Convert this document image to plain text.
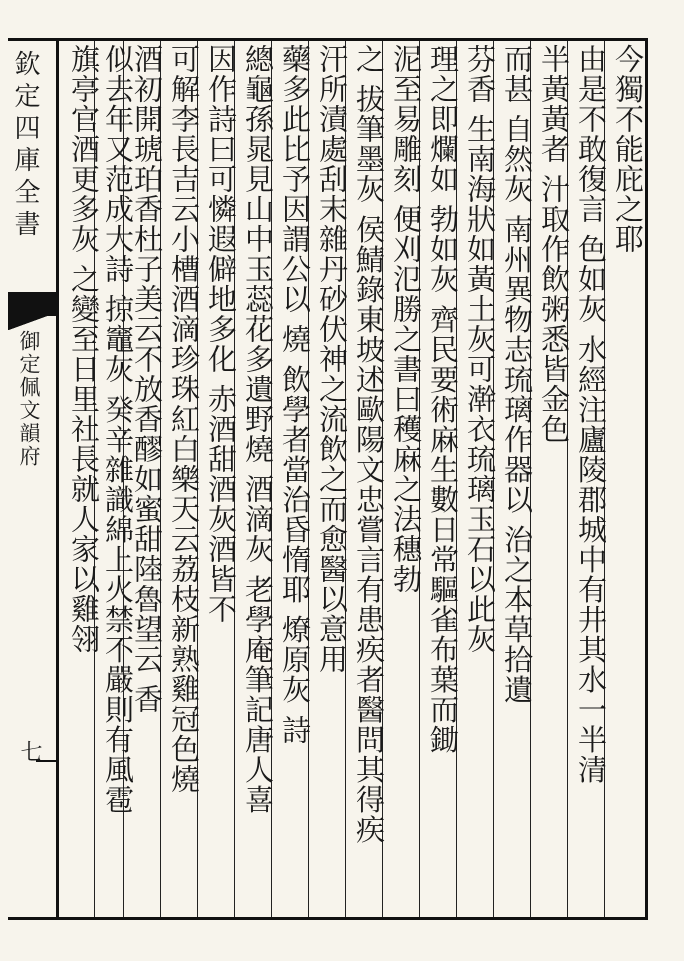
欽定四庫全書
御定佩文韻府
七
今獨不能庇之耶
由是不敢復言 色如灰 水經注廬陵郡城中有井其水一半清
半黃黃者 汁取作飲粥悉皆金色
而甚 自然灰 南州異物志琉璃作器以 治之本草拾遺
芬香 生南海狀如黃土灰可澣衣琉璃玉石以此灰
理之即爛如 勃如灰 齊民要術麻生數日常驅雀布葉而鋤
泥至易雕刻 便刈氾勝之書曰穫麻之法穗勃
之 拔筆墨灰 侯鯖錄東坡述歐陽文忠嘗言有患疾者醫問其得疾
汗所漬處刮末雜丹砂伏神之流飲之而愈醫以意用
藥多此比予因謂公以 燒 飲學者當治昏惰耶 燎原灰 詩
總龜孫晁見山中玉蕊花多遺野燒 酒滴灰 老學庵筆記唐人喜
因作詩曰可憐遐僻地多化 赤酒甜酒灰酒皆不
可解李長吉云小槽酒滴珍珠紅白樂天云荔枝新熟雞冠色燒
酒初開琥珀香杜子美云不放香醪如蜜甜陸魯望云 香
似去年又范成大詩 掠竈灰 癸辛雜識綿上火禁不嚴則有風雹
旗亭官酒更多灰 之變至日里社長就人家以雞翎
